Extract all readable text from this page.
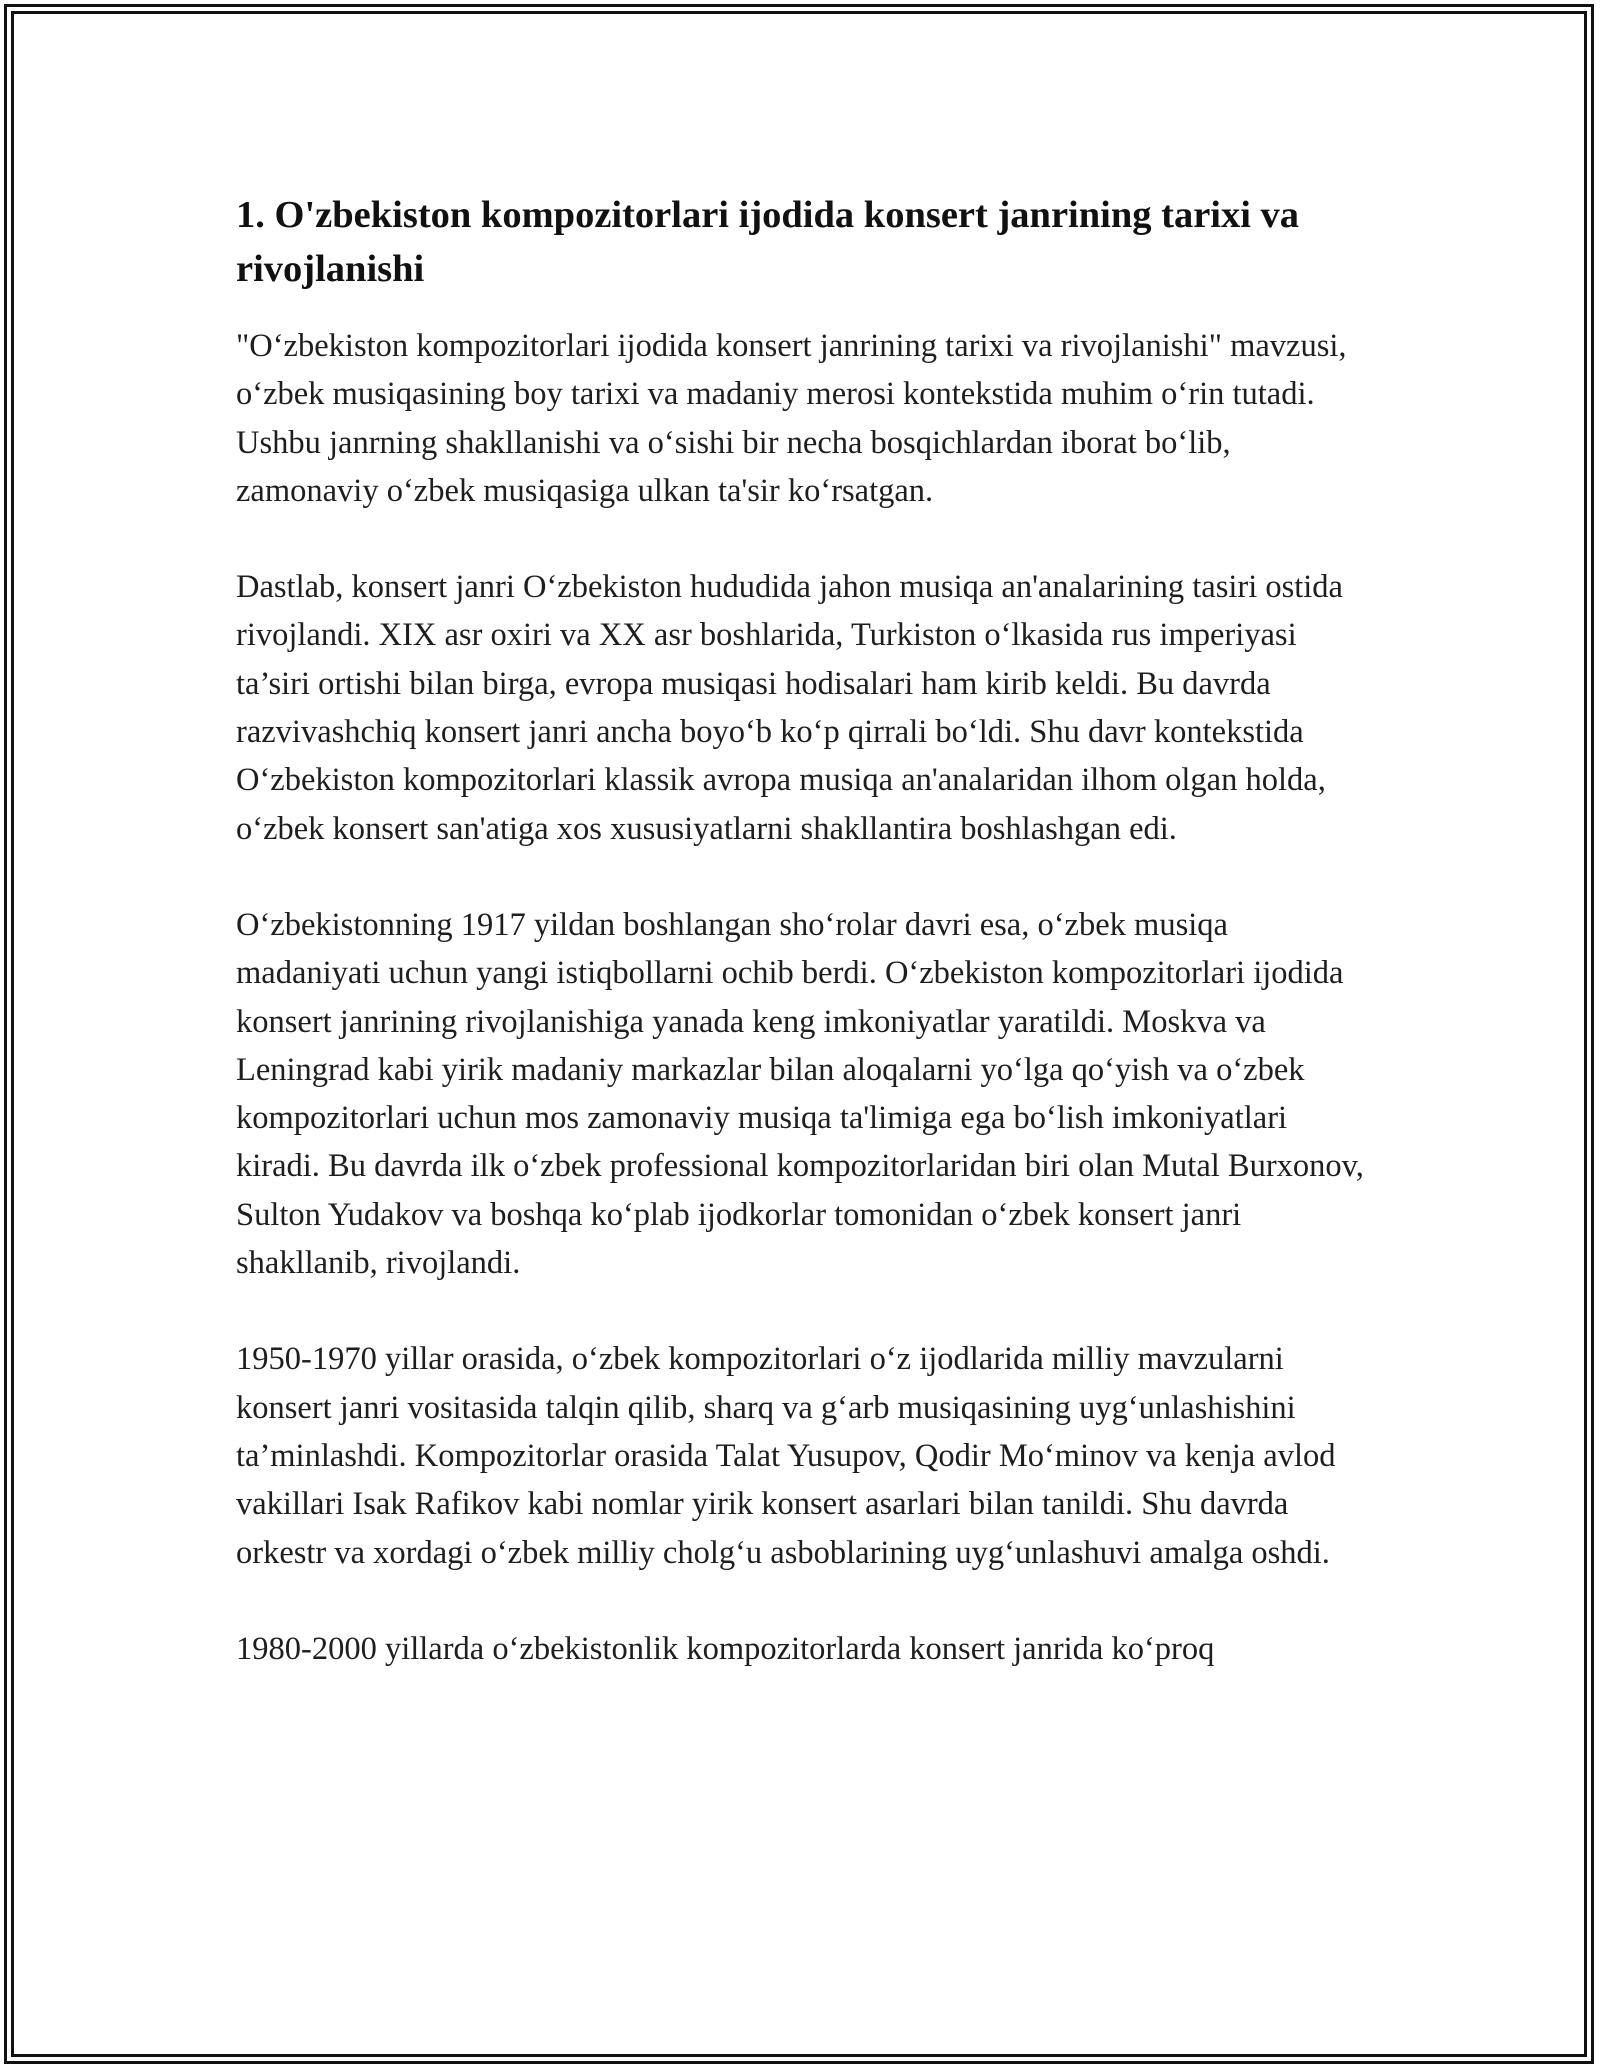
1. O'zbekiston kompozitorlari ijodida konsert janrining tarixi va rivojlanishi

"O‘zbekiston kompozitorlari ijodida konsert janrining tarixi va rivojlanishi" mavzusi, o‘zbek musiqasining boy tarixi va madaniy merosi kontekstida muhim o‘rin tutadi. Ushbu janrning shakllanishi va o‘sishi bir necha bosqichlardan iborat bo‘lib, zamonaviy o‘zbek musiqasiga ulkan ta'sir ko‘rsatgan.

Dastlab, konsert janri O‘zbekiston hududida jahon musiqa an'analarining tasiri ostida rivojlandi. XIX asr oxiri va XX asr boshlarida, Turkiston o‘lkasida rus imperiyasi ta’siri ortishi bilan birga, evropa musiqasi hodisalari ham kirib keldi. Bu davrda razvivashchiq konsert janri ancha boyo‘b ko‘p qirrali bo‘ldi. Shu davr kontekstida O‘zbekiston kompozitorlari klassik avropa musiqa an'analaridan ilhom olgan holda, o‘zbek konsert san'atiga xos xususiyatlarni shakllantira boshlashgan edi.

O‘zbekistonning 1917 yildan boshlangan sho‘rolar davri esa, o‘zbek musiqa madaniyati uchun yangi istiqbollarni ochib berdi. O‘zbekiston kompozitorlari ijodida konsert janrining rivojlanishiga yanada keng imkoniyatlar yaratildi. Moskva va Leningrad kabi yirik madaniy markazlar bilan aloqalarni yo‘lga qo‘yish va o‘zbek kompozitorlari uchun mos zamonaviy musiqa ta'limiga ega bo‘lish imkoniyatlari kiradi. Bu davrda ilk o‘zbek professional kompozitorlaridan biri olan Mutal Burxonov, Sulton Yudakov va boshqa ko‘plab ijodkorlar tomonidan o‘zbek konsert janri shakllanib, rivojlandi.

1950-1970 yillar orasida, o‘zbek kompozitorlari o‘z ijodlarida milliy mavzularni konsert janri vositasida talqin qilib, sharq va g‘arb musiqasining uyg‘unlashishini ta’minlashdi. Kompozitorlar orasida Talat Yusupov, Qodir Mo‘minov va kenja avlod vakillari Isak Rafikov kabi nomlar yirik konsert asarlari bilan tanildi. Shu davrda orkestr va xordagi o‘zbek milliy cholg‘u asboblarining uyg‘unlashuvi amalga oshdi.

1980-2000 yillarda o‘zbekistonlik kompozitorlarda konsert janrida ko‘proq
